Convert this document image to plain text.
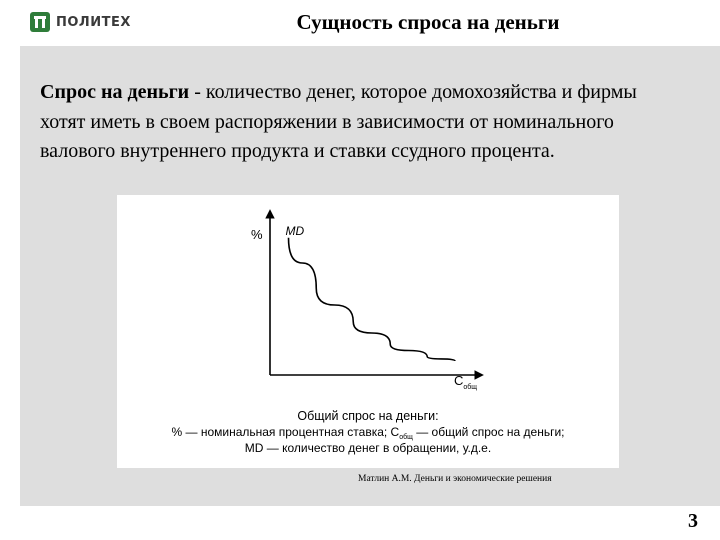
ПОЛИТЕХ	Сущность спроса на деньги
Спрос на деньги - количество денег, которое домохозяйства и фирмы хотят иметь в своем распоряжении в зависимости от номинального валового внутреннего продукта и ставки ссудного процента.
%
$C_{общ}$
MD
Общий спрос на деньги:
% — номинальная процентная ставка; $C_{общ}$ — общий спрос на деньги;
MD — количество денег в обращении, у.д.е.
Матлин А.М. Деньги и экономические решения
3
